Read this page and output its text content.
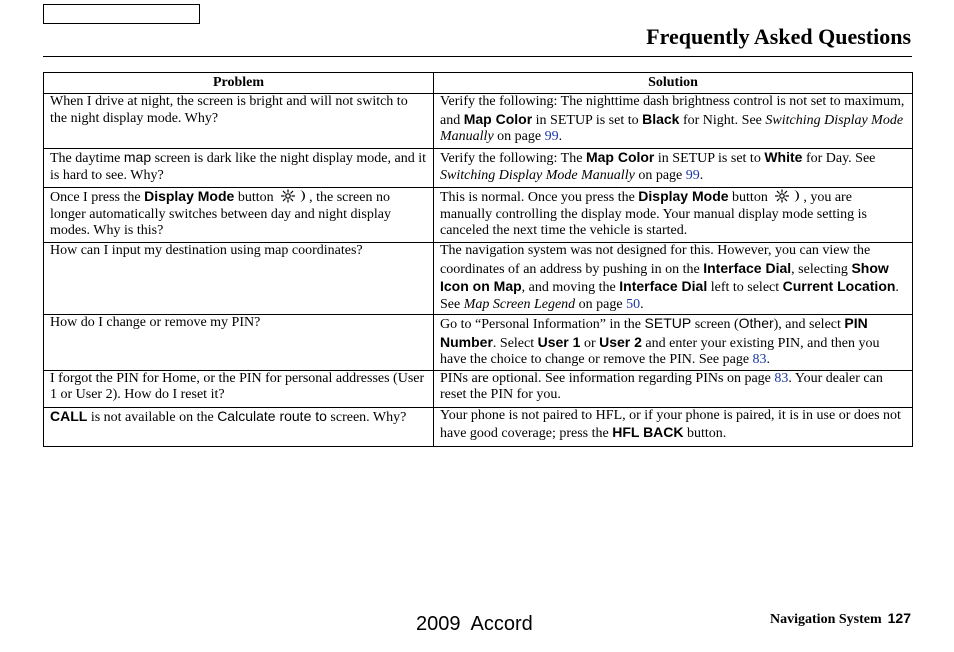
Frequently Asked Questions
Problem	Solution
When I drive at night, the screen is bright and will not switch to the night display mode. Why?	Verify the following: The nighttime dash brightness control is not set to maximum, and Map Color in SETUP is set to Black for Night. See Switching Display Mode Manually on page 99.
The daytime map screen is dark like the night display mode, and it is hard to see. Why?	Verify the following: The Map Color in SETUP is set to White for Day. See Switching Display Mode Manually on page 99.
Once I press the Display Mode button , the screen no longer automatically switches between day and night display modes. Why is this?	This is normal. Once you press the Display Mode button , you are manually controlling the display mode. Your manual display mode setting is canceled the next time the vehicle is started.
How can I input my destination using map coordinates?	The navigation system was not designed for this. However, you can view the coordinates of an address by pushing in on the Interface Dial, selecting Show Icon on Map, and moving the Interface Dial left to select Current Location. See Map Screen Legend on page 50.
How do I change or remove my PIN?	Go to “Personal Information” in the SETUP screen (Other), and select PIN Number. Select User 1 or User 2 and enter your existing PIN, and then you have the choice to change or remove the PIN. See page 83.
I forgot the PIN for Home, or the PIN for personal addresses (User 1 or User 2). How do I reset it?	PINs are optional. See information regarding PINs on page 83. Your dealer can reset the PIN for you.
CALL is not available on the Calculate route to screen. Why?	Your phone is not paired to HFL, or if your phone is paired, it is in use or does not have good coverage; press the HFL BACK button.
Navigation System 127
2009  Accord
